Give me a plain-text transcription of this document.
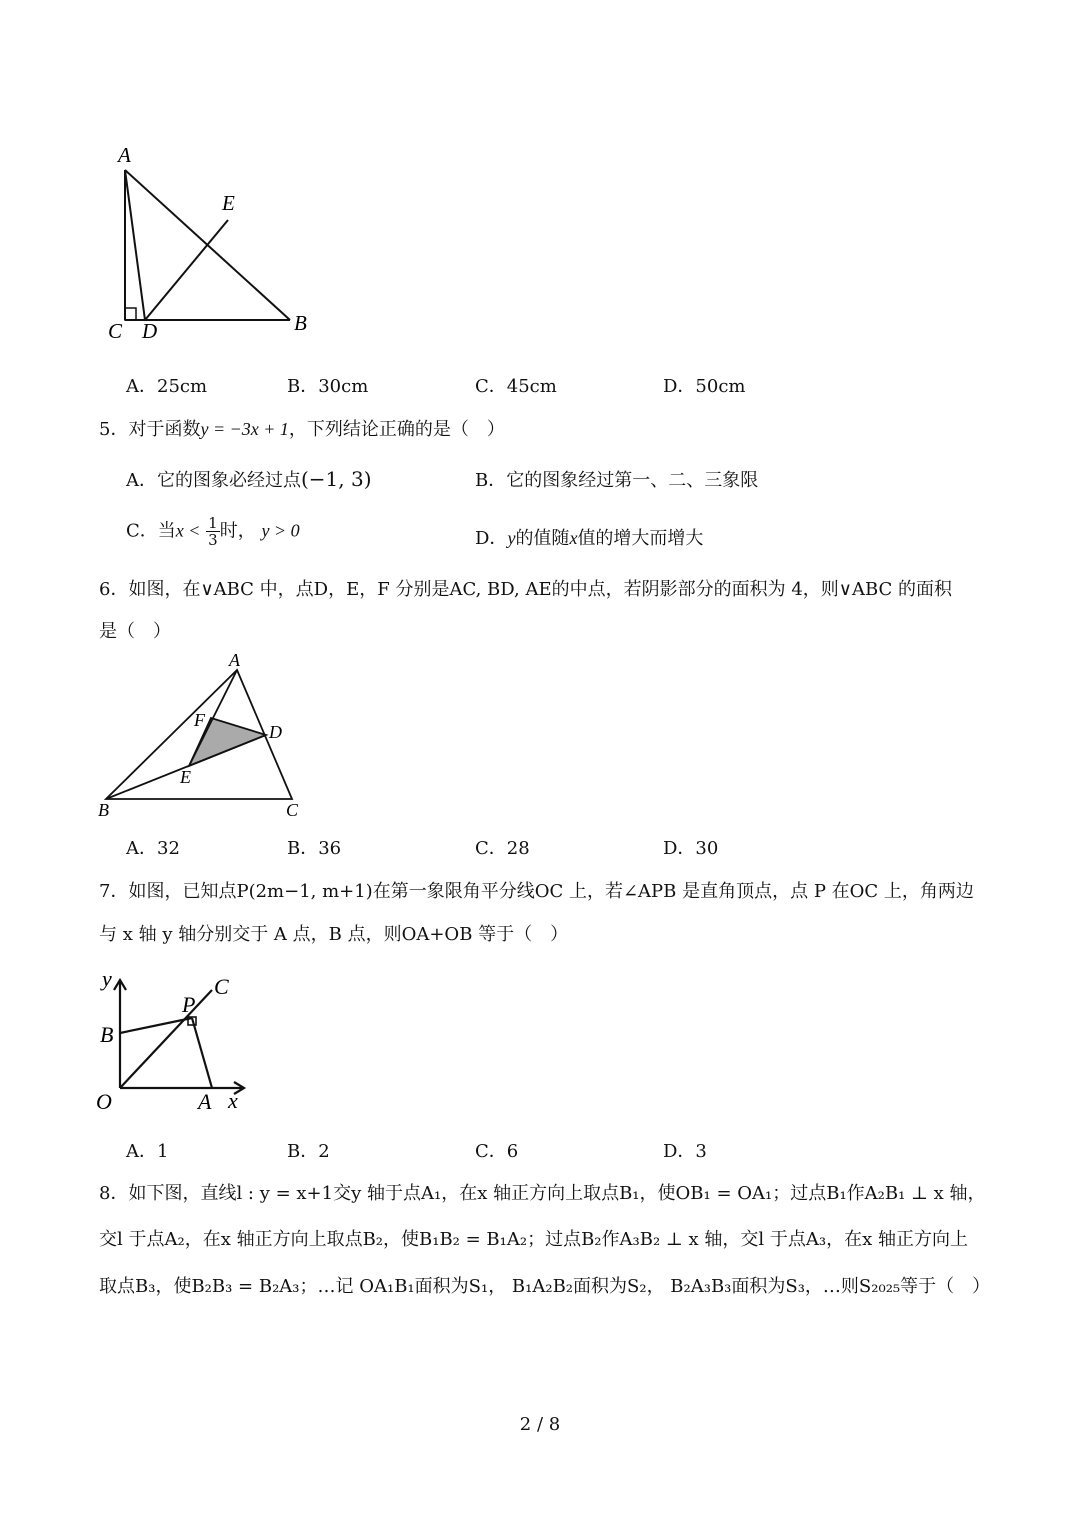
A
E
C D	B
A．25cm	B．30cm	C．45cm	D．50cm
5．对于函数y = −3x + 1，下列结论正确的是（　）
A．它的图象必经过点(−1, 3)	B．它的图象经过第一、二、三象限
C．当$x < \frac{1}{3}$ 时， y > 0	D．y的值随x值的增大而增大
6．如图，在∨ABC 中，点D，E，F 分别是AC, BD, AE的中点，若阴影部分的面积为 4，则∨ABC 的面积
是（　）
A
F
D
E
B	C
A．32	B．36	C．28	D．30
7．如图，已知点P(2m−1, m+1)在第一象限角平分线OC 上，若∠APB 是直角顶点，点 P 在OC 上，角两边
与 x 轴 y 轴分别交于 A 点，B 点，则OA+OB 等于（　）
y	C
P
B
O	A x
A．1	B．2	C．6	D．3
8．如下图，直线l : y = x+1交y 轴于点A₁，在x 轴正方向上取点B₁，使OB₁ = OA₁；过点B₁作A₂B₁ ⊥ x 轴，
交l 于点A₂，在x 轴正方向上取点B₂，使B₁B₂ = B₁A₂；过点B₂作A₃B₂ ⊥ x 轴，交l 于点A₃，在x 轴正方向上
取点B₃，使B₂B₃ = B₂A₃；…记 OA₁B₁面积为S₁， B₁A₂B₂面积为S₂， B₂A₃B₃面积为S₃，…则S₂₀₂₅等于（　）
2 / 8
